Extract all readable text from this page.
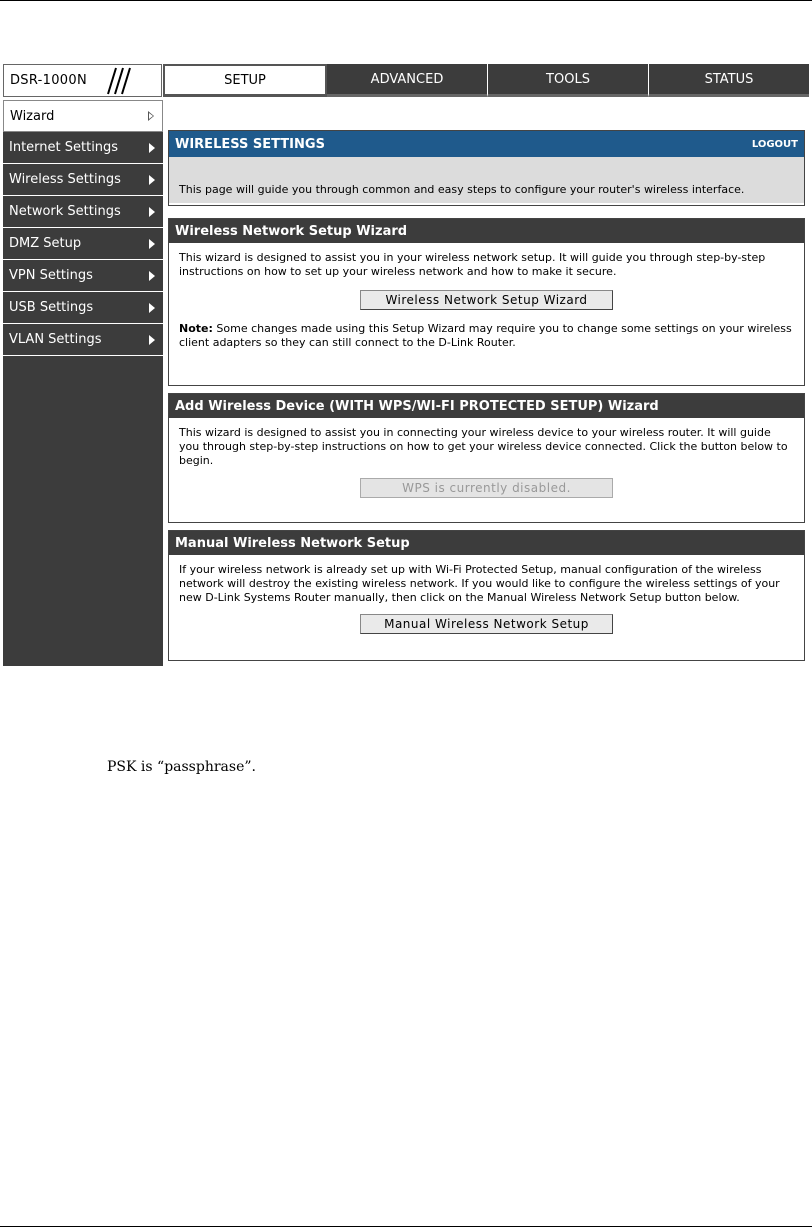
DSR-1000N	SETUP	ADVANCED	TOOLS	STATUS
Wizard
Internet Settings
Wireless Settings
Network Settings
DMZ Setup
VPN Settings
USB Settings
VLAN Settings
WIRELESS SETTINGS	LOGOUT
This page will guide you through common and easy steps to configure your router's wireless interface.
Wireless Network Setup Wizard
This wizard is designed to assist you in your wireless network setup. It will guide you through step-by-step instructions on how to set up your wireless network and how to make it secure.
Wireless Network Setup Wizard
Note: Some changes made using this Setup Wizard may require you to change some settings on your wireless client adapters so they can still connect to the D-Link Router.
Add Wireless Device (WITH WPS/WI-FI PROTECTED SETUP) Wizard
This wizard is designed to assist you in connecting your wireless device to your wireless router. It will guide you through step-by-step instructions on how to get your wireless device connected. Click the button below to begin.
WPS is currently disabled.
Manual Wireless Network Setup
If your wireless network is already set up with Wi-Fi Protected Setup, manual configuration of the wireless network will destroy the existing wireless network. If you would like to configure the wireless settings of your new D-Link Systems Router manually, then click on the Manual Wireless Network Setup button below.
Manual Wireless Network Setup
PSK is “passphrase”.
